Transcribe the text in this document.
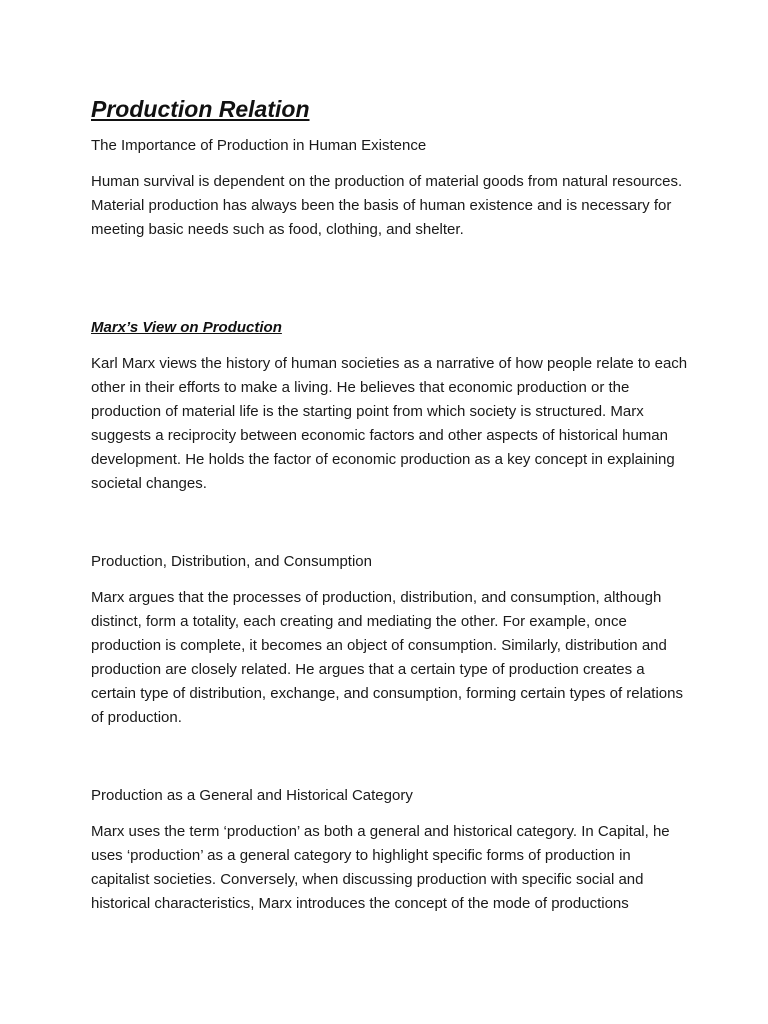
Production Relation

The Importance of Production in Human Existence

Human survival is dependent on the production of material goods from natural resources. Material production has always been the basis of human existence and is necessary for meeting basic needs such as food, clothing, and shelter.

Marx’s View on Production

Karl Marx views the history of human societies as a narrative of how people relate to each other in their efforts to make a living. He believes that economic production or the production of material life is the starting point from which society is structured. Marx suggests a reciprocity between economic factors and other aspects of historical human development. He holds the factor of economic production as a key concept in explaining societal changes.

Production, Distribution, and Consumption

Marx argues that the processes of production, distribution, and consumption, although distinct, form a totality, each creating and mediating the other. For example, once production is complete, it becomes an object of consumption. Similarly, distribution and production are closely related. He argues that a certain type of production creates a certain type of distribution, exchange, and consumption, forming certain types of relations of production.

Production as a General and Historical Category

Marx uses the term ‘production’ as both a general and historical category. In Capital, he uses ‘production’ as a general category to highlight specific forms of production in capitalist societies. Conversely, when discussing production with specific social and historical characteristics, Marx introduces the concept of the mode of productions
